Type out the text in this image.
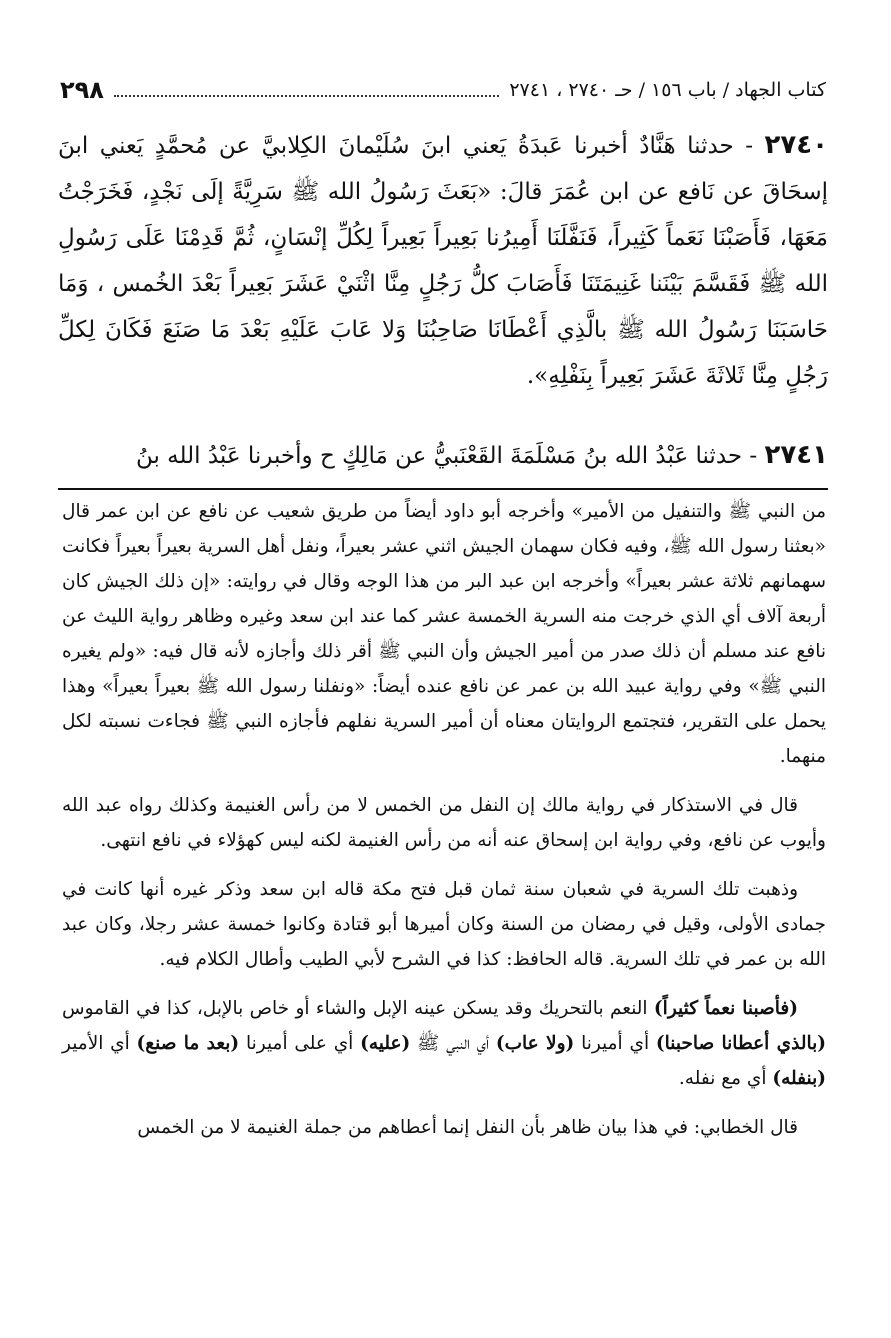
كتاب الجهاد / باب ١٥٦ / حـ ٢٧٤٠ ، ٢٧٤١
٢٩٨
٢٧٤٠ - حدثنا هَنَّادٌ أخبرنا عَبدَةُ يَعني ابنَ سُلَيْمانَ الكِلابيَّ عن مُحمَّدٍ يَعني ابنَ إسحَاقَ عن نَافع عن ابن عُمَرَ قالَ: «بَعَثَ رَسُولُ الله ﷺ سَرِيَّةً إلَى نَجْدٍ، فَخَرَجْتُ مَعَهَا، فَأَصَبْنَا نَعَماً كَثِيراً، فَنَفَّلَنَا أَمِيرُنا بَعِيراً بَعِيراً لِكُلِّ إنْسَانٍ، ثُمَّ قَدِمْنَا عَلَى رَسُولِ الله ﷺ فَقَسَّمَ بَيْنَنا غَنِيمَتَنَا فَأَصَابَ كلُّ رَجُلٍ مِنَّا اثْنَيْ عَشَرَ بَعِيراً بَعْدَ الخُمس ، وَمَا حَاسَبَنَا رَسُولُ الله ﷺ بالَّذِي أَعْطَانَا صَاحِبُنَا وَلا عَابَ عَلَيْهِ بَعْدَ مَا صَنَعَ فَكَانَ لِكلِّ رَجُلٍ مِنَّا ثَلاثَةَ عَشَرَ بَعِيراً بِنَفْلِهِ».
٢٧٤١ - حدثنا عَبْدُ الله بنُ مَسْلَمَةَ القَعْنَبيُّ عن مَالِكٍ ح وأخبرنا عَبْدُ الله بنُ

من النبي ﷺ والتنفيل من الأمير» وأخرجه أبو داود أيضاً من طريق شعيب عن نافع عن ابن عمر قال «بعثنا رسول الله ﷺ، وفيه فكان سهمان الجيش اثني عشر بعيراً، ونفل أهل السرية بعيراً بعيراً فكانت سهمانهم ثلاثة عشر بعيراً» وأخرجه ابن عبد البر من هذا الوجه وقال في روايته: «إن ذلك الجيش كان أربعة آلاف أي الذي خرجت منه السرية الخمسة عشر كما عند ابن سعد وغيره وظاهر رواية الليث عن نافع عند مسلم أن ذلك صدر من أمير الجيش وأن النبي ﷺ أقر ذلك وأجازه لأنه قال فيه: «ولم يغيره النبي ﷺ» وفي رواية عبيد الله بن عمر عن نافع عنده أيضاً: «ونفلنا رسول الله ﷺ بعيراً بعيراً» وهذا يحمل على التقرير، فتجتمع الروايتان معناه أن أمير السرية نفلهم فأجازه النبي ﷺ فجاءت نسبته لكل منهما.

قال في الاستذكار في رواية مالك إن النفل من الخمس لا من رأس الغنيمة وكذلك رواه عبد الله وأيوب عن نافع، وفي رواية ابن إسحاق عنه أنه من رأس الغنيمة لكنه ليس كهؤلاء في نافع انتهى.

وذهبت تلك السرية في شعبان سنة ثمان قبل فتح مكة قاله ابن سعد وذكر غيره أنها كانت في جمادى الأولى، وقيل في رمضان من السنة وكان أميرها أبو قتادة وكانوا خمسة عشر رجلا، وكان عبد الله بن عمر في تلك السرية. قاله الحافظ: كذا في الشرح لأبي الطيب وأطال الكلام فيه.

(فأصبنا نعماً كثيراً) النعم بالتحريك وقد يسكن عينه الإبل والشاء أو خاص بالإبل، كذا في القاموس (بالذي أعطانا صاحبنا) أي أميرنا (ولا عاب) أي النبي ﷺ (عليه) أي على أميرنا (بعد ما صنع) أي الأمير (بنفله) أي مع نفله.

قال الخطابي: في هذا بيان ظاهر بأن النفل إنما أعطاهم من جملة الغنيمة لا من الخمس
